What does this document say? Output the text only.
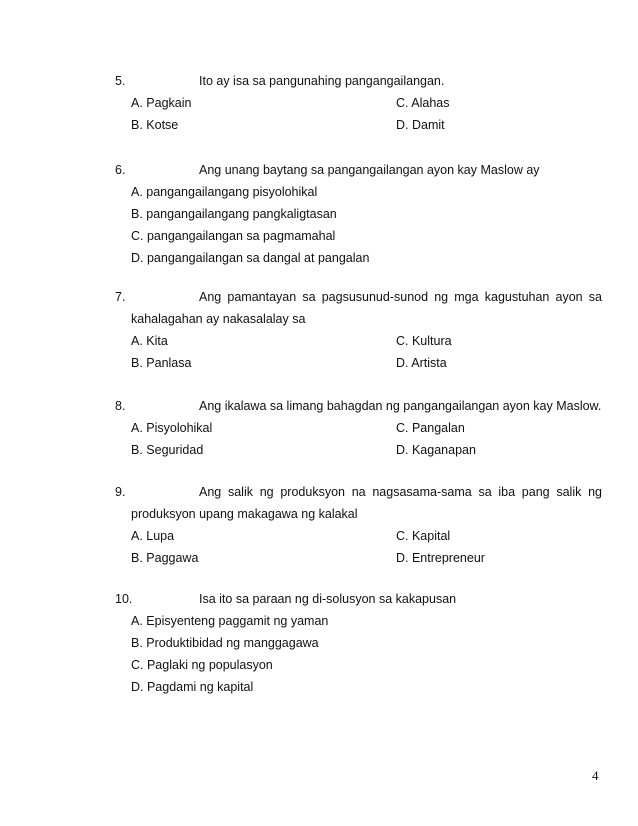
5.	Ito ay isa sa pangunahing pangangailangan.
A. Pagkain	C. Alahas
B. Kotse	D. Damit
6.	Ang unang baytang sa pangangailangan ayon kay Maslow ay
A. pangangailangang pisyolohikal
B. pangangailangang pangkaligtasan
C. pangangailangan sa pagmamahal
D. pangangailangan sa dangal at pangalan
7.	Ang pamantayan sa pagsusunud-sunod ng mga kagustuhan ayon sa
kahalagahan ay nakasalalay sa
A. Kita	C. Kultura
B. Panlasa	D. Artista
8.	Ang ikalawa sa limang bahagdan ng pangangailangan ayon kay Maslow.
A. Pisyolohikal	C. Pangalan
B. Seguridad	D. Kaganapan
9.	Ang salik ng produksyon na nagsasama-sama sa iba pang salik ng
produksyon upang makagawa ng kalakal
A. Lupa	C. Kapital
B. Paggawa	D. Entrepreneur
10.	Isa ito sa paraan ng di-solusyon sa kakapusan
A. Episyenteng paggamit ng yaman
B. Produktibidad ng manggagawa
C. Paglaki ng populasyon
D. Pagdami ng kapital
4
